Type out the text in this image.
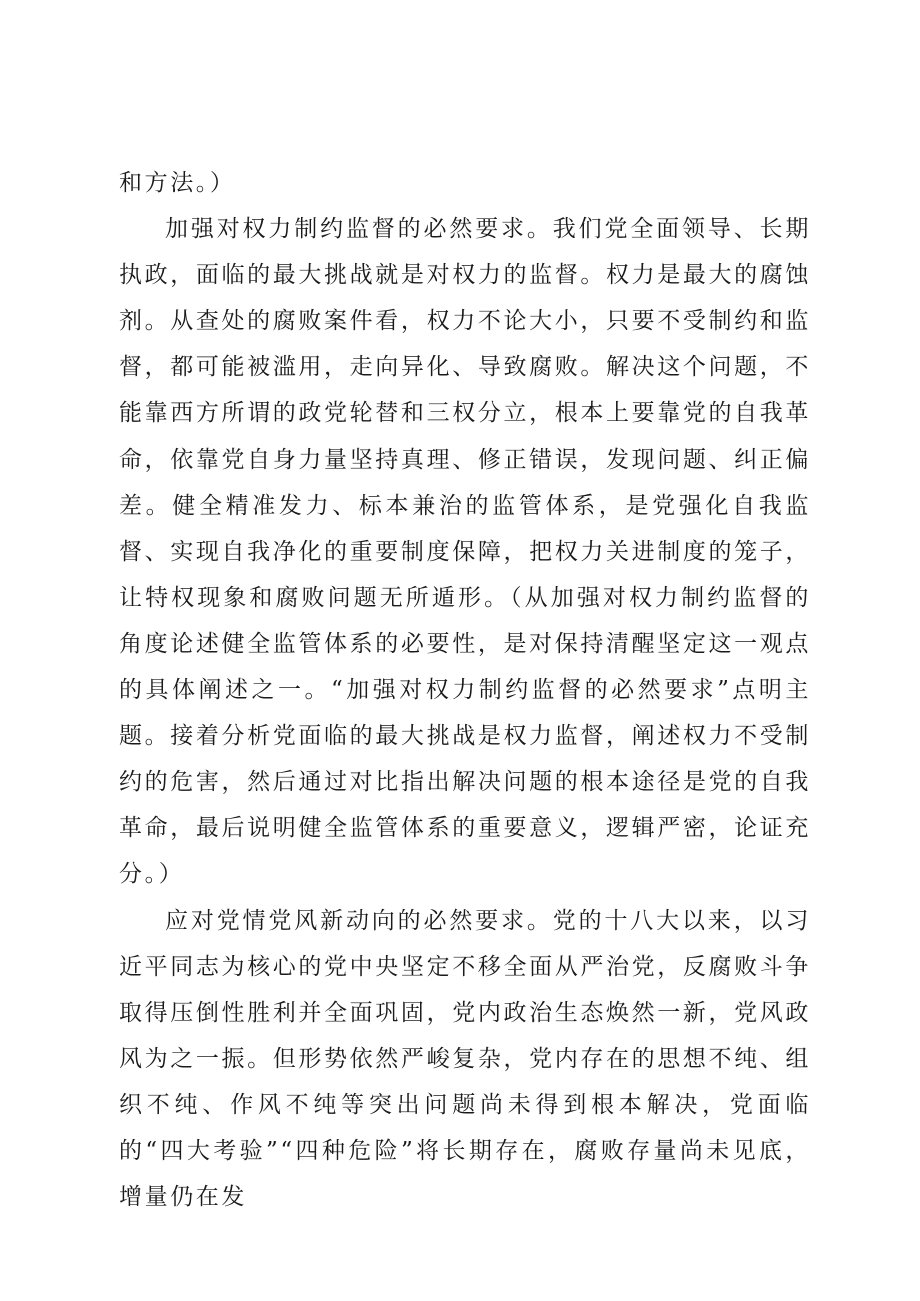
和方法。）

加强对权力制约监督的必然要求。我们党全面领导、长期执政，面临的最大挑战就是对权力的监督。权力是最大的腐蚀剂。从查处的腐败案件看，权力不论大小，只要不受制约和监督，都可能被滥用，走向异化、导致腐败。解决这个问题，不能靠西方所谓的政党轮替和三权分立，根本上要靠党的自我革命，依靠党自身力量坚持真理、修正错误，发现问题、纠正偏差。健全精准发力、标本兼治的监管体系，是党强化自我监督、实现自我净化的重要制度保障，把权力关进制度的笼子，让特权现象和腐败问题无所遁形。（从加强对权力制约监督的角度论述健全监管体系的必要性，是对保持清醒坚定这一观点的具体阐述之一。“加强对权力制约监督的必然要求”点明主题。接着分析党面临的最大挑战是权力监督，阐述权力不受制约的危害，然后通过对比指出解决问题的根本途径是党的自我革命，最后说明健全监管体系的重要意义，逻辑严密，论证充分。）

应对党情党风新动向的必然要求。党的十八大以来，以习近平同志为核心的党中央坚定不移全面从严治党，反腐败斗争取得压倒性胜利并全面巩固，党内政治生态焕然一新，党风政风为之一振。但形势依然严峻复杂，党内存在的思想不纯、组织不纯、作风不纯等突出问题尚未得到根本解决，党面临的“四大考验”“四种危险”将长期存在，腐败存量尚未见底，增量仍在发
